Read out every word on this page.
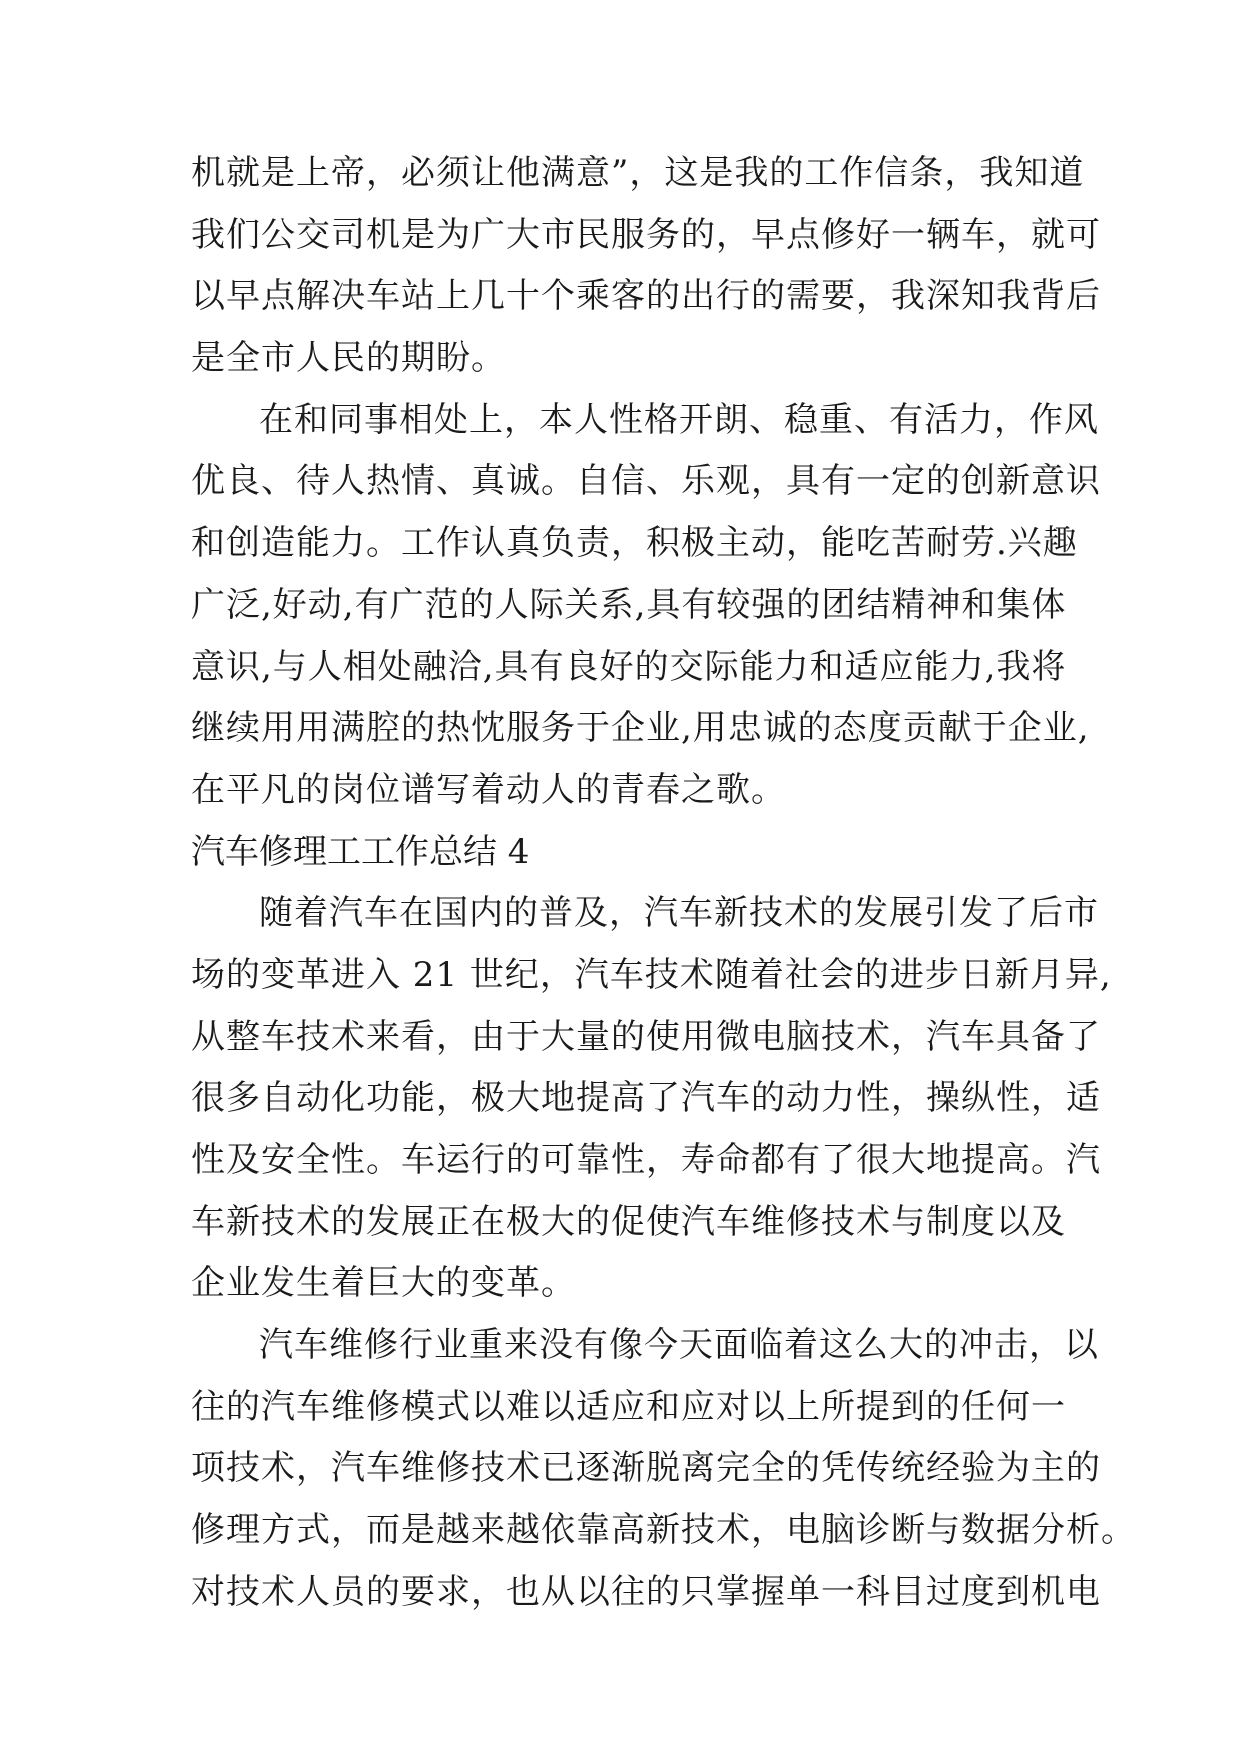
机就是上帝，必须让他满意”，这是我的工作信条，我知道
我们公交司机是为广大市民服务的，早点修好一辆车，就可
以早点解决车站上几十个乘客的出行的需要，我深知我背后
是全市人民的期盼。
在和同事相处上，本人性格开朗、稳重、有活力，作风
优良、待人热情、真诚。自信、乐观，具有一定的创新意识
和创造能力。工作认真负责，积极主动，能吃苦耐劳.兴趣
广泛,好动,有广范的人际关系,具有较强的团结精神和集体
意识,与人相处融洽,具有良好的交际能力和适应能力,我将
继续用用满腔的热忱服务于企业,用忠诚的态度贡献于企业,
在平凡的岗位谱写着动人的青春之歌。
汽车修理工工作总结 4
随着汽车在国内的普及，汽车新技术的发展引发了后市
场的变革进入 21 世纪，汽车技术随着社会的进步日新月异,
从整车技术来看，由于大量的使用微电脑技术，汽车具备了
很多自动化功能，极大地提高了汽车的动力性，操纵性，适
性及安全性。车运行的可靠性，寿命都有了很大地提高。汽
车新技术的发展正在极大的促使汽车维修技术与制度以及
企业发生着巨大的变革。
汽车维修行业重来没有像今天面临着这么大的冲击，以
往的汽车维修模式以难以适应和应对以上所提到的任何一
项技术，汽车维修技术已逐渐脱离完全的凭传统经验为主的
修理方式，而是越来越依靠高新技术，电脑诊断与数据分析。
对技术人员的要求，也从以往的只掌握单一科目过度到机电
